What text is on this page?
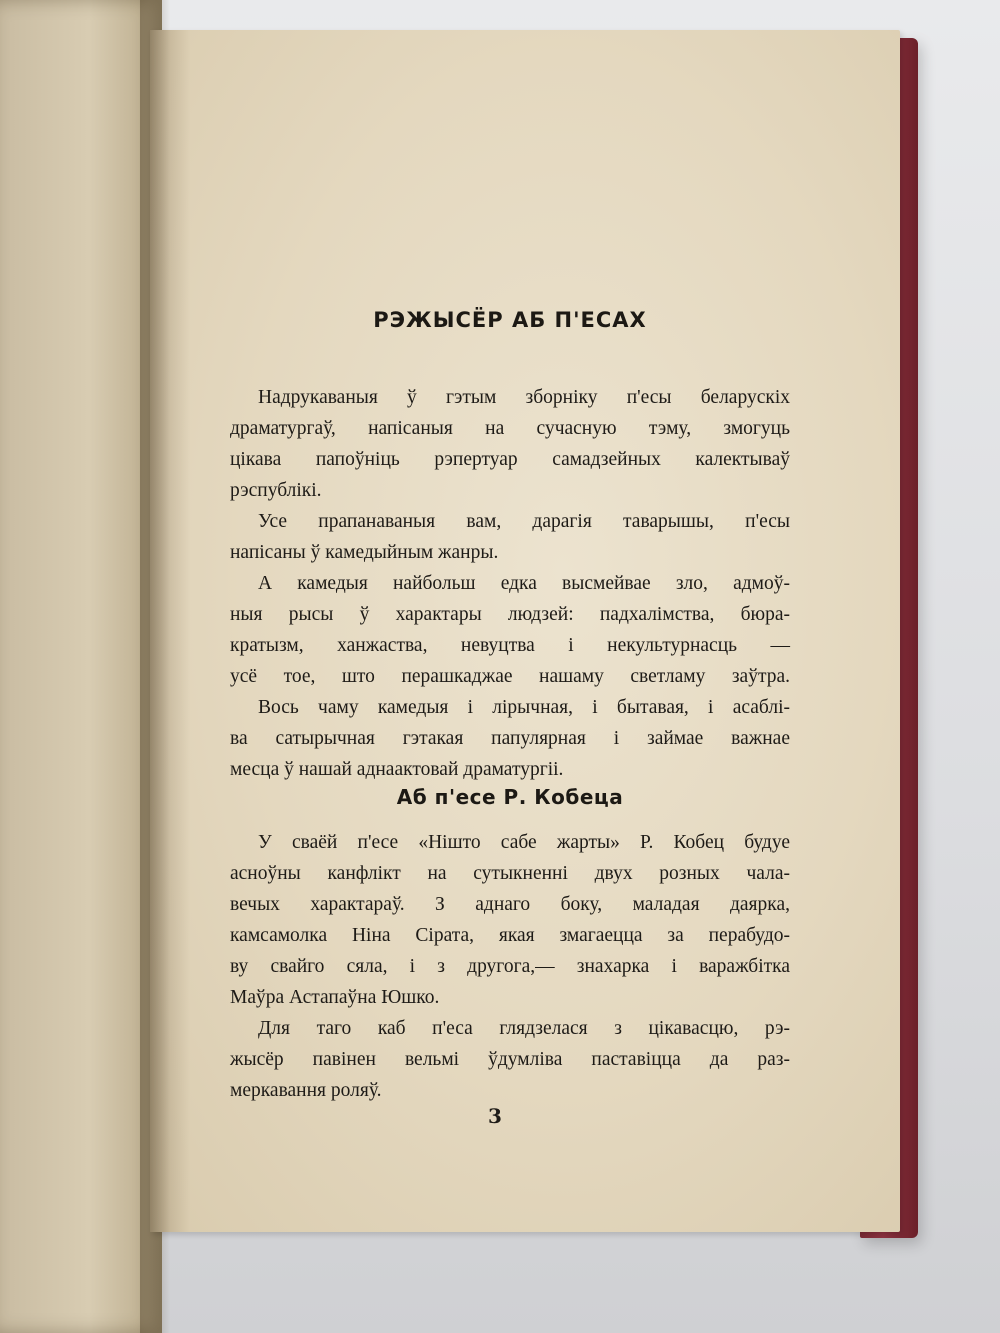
РЭЖЫСЁР АБ П'ЕСАХ
Надрукаваныя ў гэтым зборніку п'есы беларускіх
драматургаў, напісаныя на сучасную тэму, змогуць
цікава папоўніць рэпертуар самадзейных калектываў
рэспублікі.
Усе прапанаваныя вам, дарагія таварышы, п'есы
напісаны ў камедыйным жанры.
А камедыя найбольш едка высмейвае зло, адмоў-
ныя рысы ў характары людзей: падхалімства, бюра-
кратызм, ханжаства, невуцтва і некультурнасць —
усё тое, што перашкаджае нашаму светламу заўтра.
Вось чаму камедыя і лірычная, і бытавая, і асаблі-
ва сатырычная гэтакая папулярная і займае важнае
месца ў нашай аднаактовай драматургіі.
Аб п'есе Р. Кобеца
У сваёй п'есе «Нішто сабе жарты» Р. Кобец будуе
асноўны канфлікт на сутыкненні двух розных чала-
вечых характараў. З аднаго боку, маладая даярка,
камсамолка Ніна Сірата, якая змагаецца за перабудо-
ву свайго сяла, і з другога,— знахарка і варажбітка
Маўра Астапаўна Юшко.
Для таго каб п'еса глядзелася з цікавасцю, рэ-
жысёр павінен вельмі ўдумліва паставіцца да раз-
меркавання роляў.
3
